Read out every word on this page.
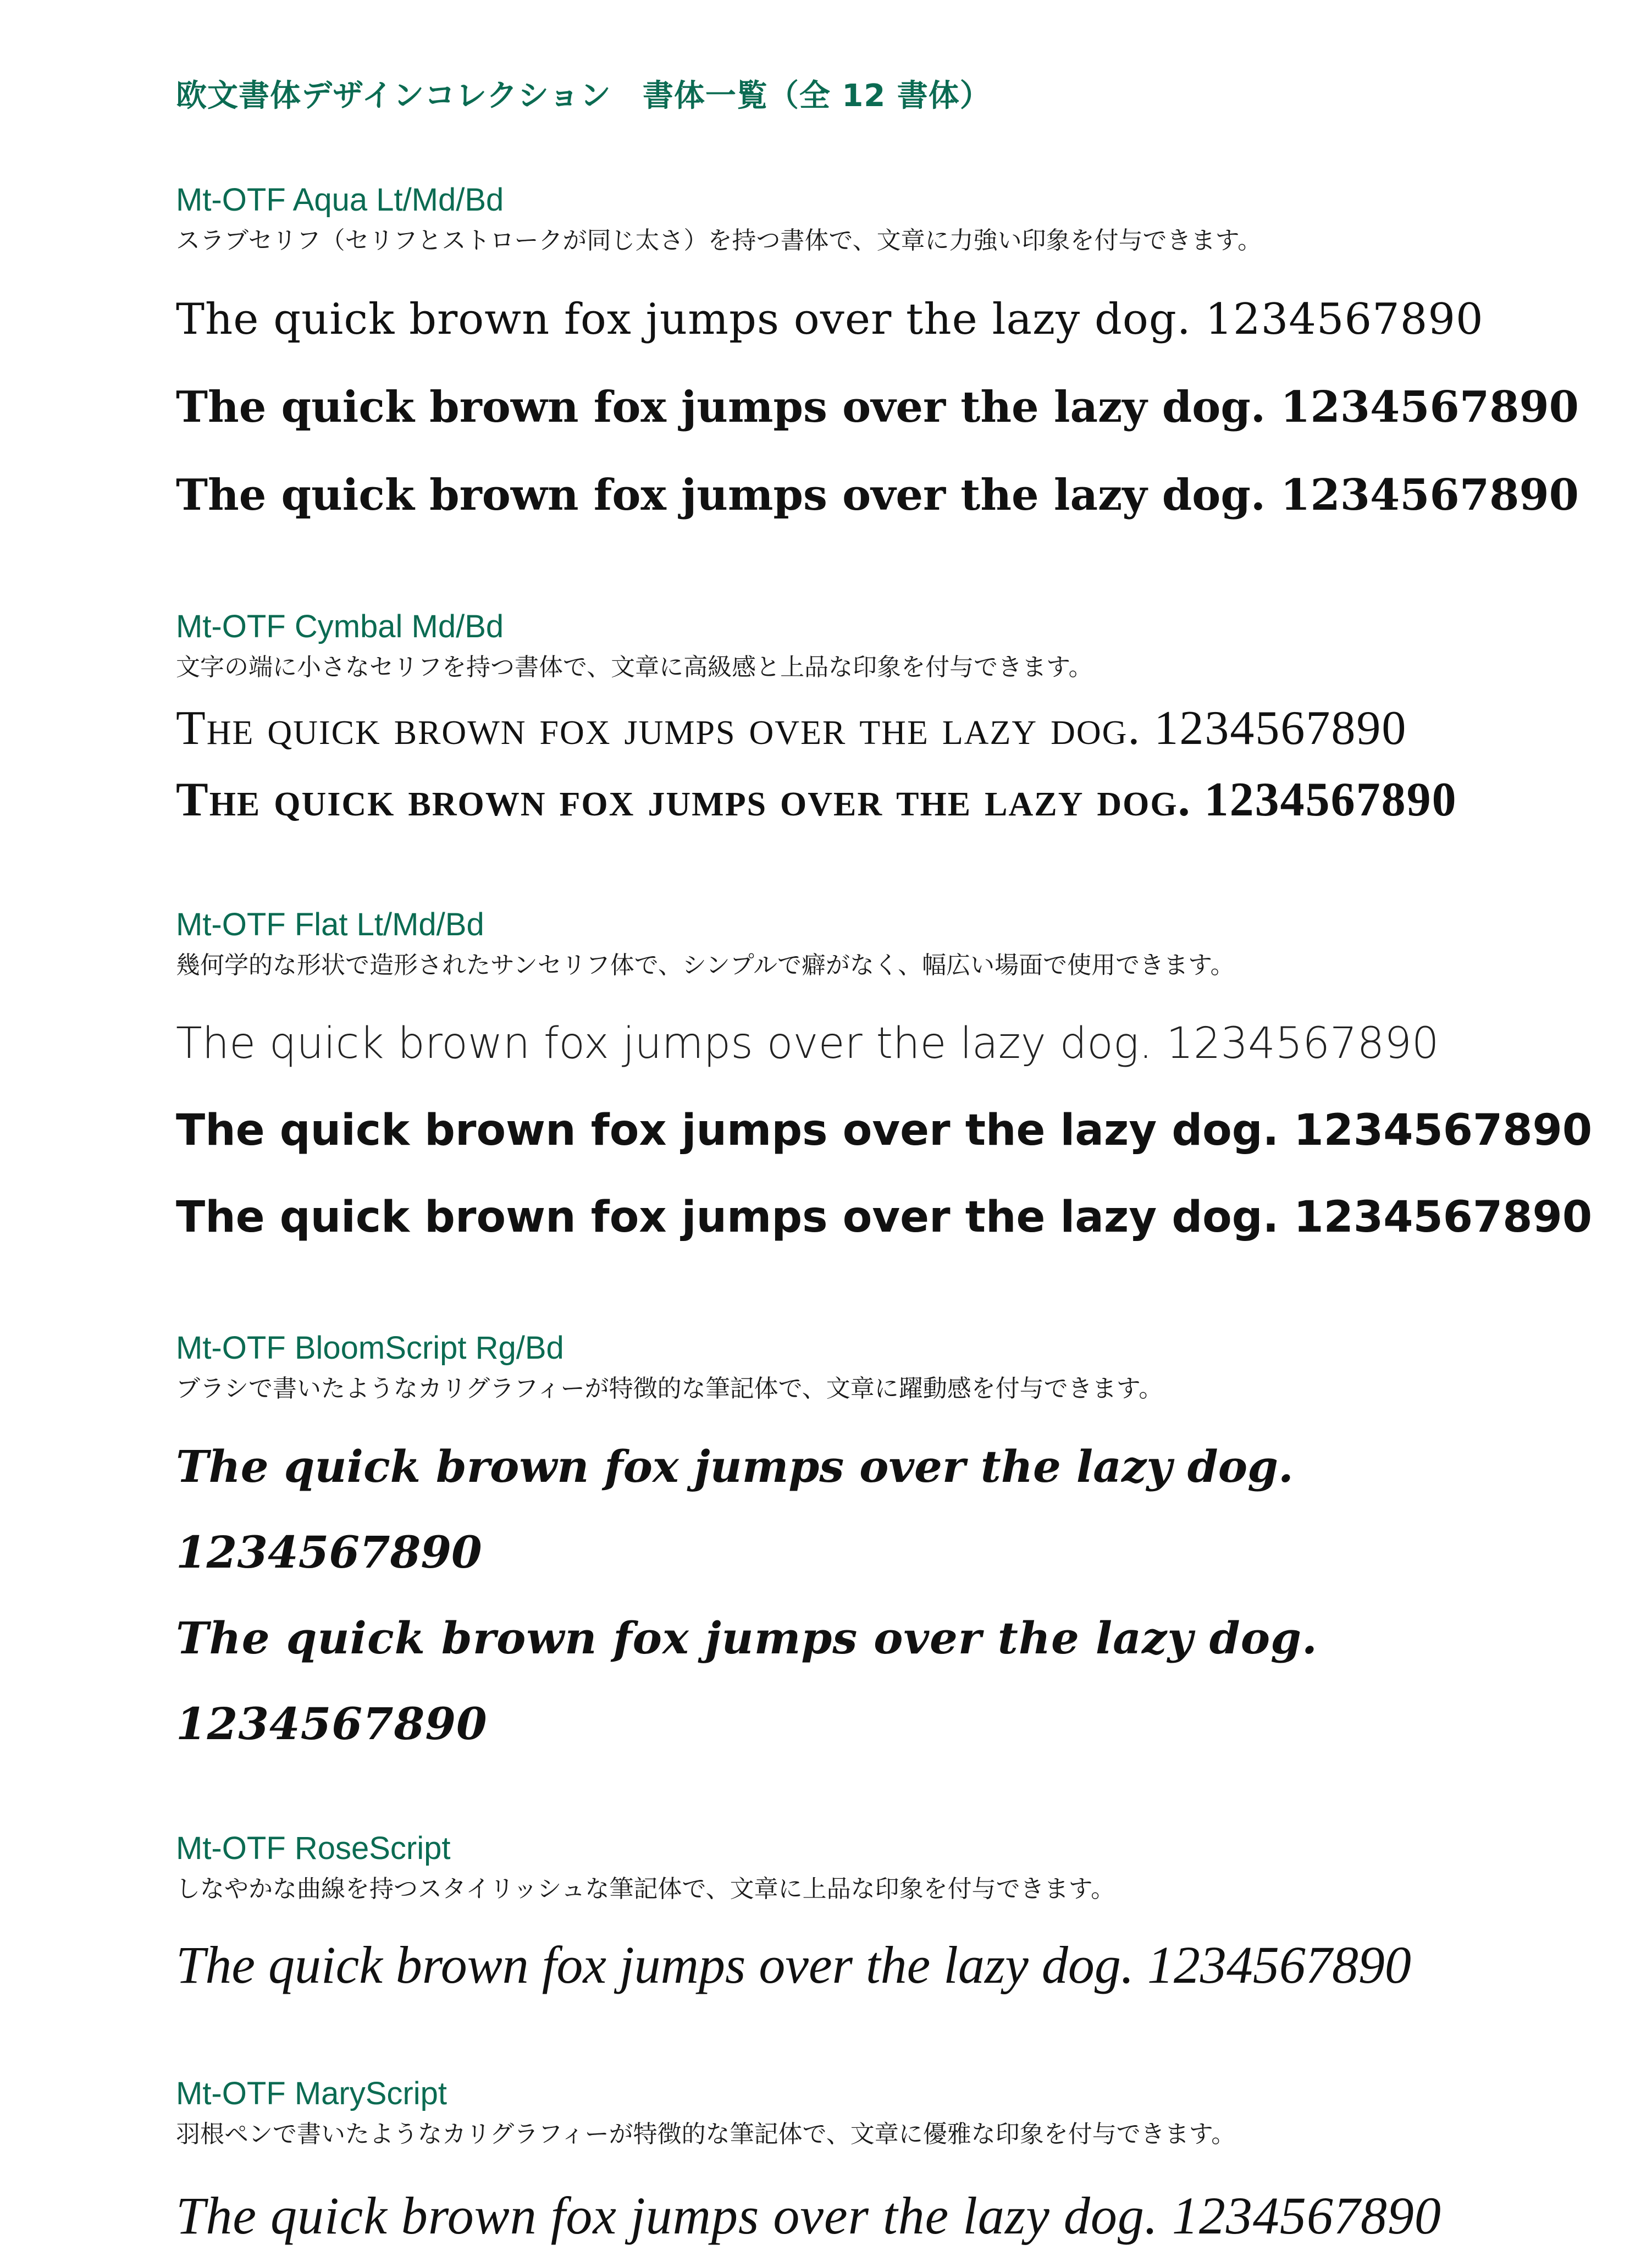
欧文書体デザインコレクション　書体一覧（全 12 書体）
Mt-OTF Aqua Lt/Md/Bd
スラブセリフ（セリフとストロークが同じ太さ）を持つ書体で、文章に力強い印象を付与できます。
The quick brown fox jumps over the lazy dog. 1234567890
The quick brown fox jumps over the lazy dog. 1234567890
The quick brown fox jumps over the lazy dog. 1234567890
Mt-OTF Cymbal Md/Bd
文字の端に小さなセリフを持つ書体で、文章に高級感と上品な印象を付与できます。
The quick brown fox jumps over the lazy dog. 1234567890
The quick brown fox jumps over the lazy dog. 1234567890
Mt-OTF Flat Lt/Md/Bd
幾何学的な形状で造形されたサンセリフ体で、シンプルで癖がなく、幅広い場面で使用できます。
The quick brown fox jumps over the lazy dog. 1234567890
The quick brown fox jumps over the lazy dog. 1234567890
The quick brown fox jumps over the lazy dog. 1234567890
Mt-OTF BloomScript Rg/Bd
ブラシで書いたようなカリグラフィーが特徴的な筆記体で、文章に躍動感を付与できます。
The quick brown fox jumps over the lazy dog. 1234567890
The quick brown fox jumps over the lazy dog. 1234567890
Mt-OTF RoseScript
しなやかな曲線を持つスタイリッシュな筆記体で、文章に上品な印象を付与できます。
The quick brown fox jumps over the lazy dog. 1234567890
Mt-OTF MaryScript
羽根ペンで書いたようなカリグラフィーが特徴的な筆記体で、文章に優雅な印象を付与できます。
The quick brown fox jumps over the lazy dog. 1234567890
